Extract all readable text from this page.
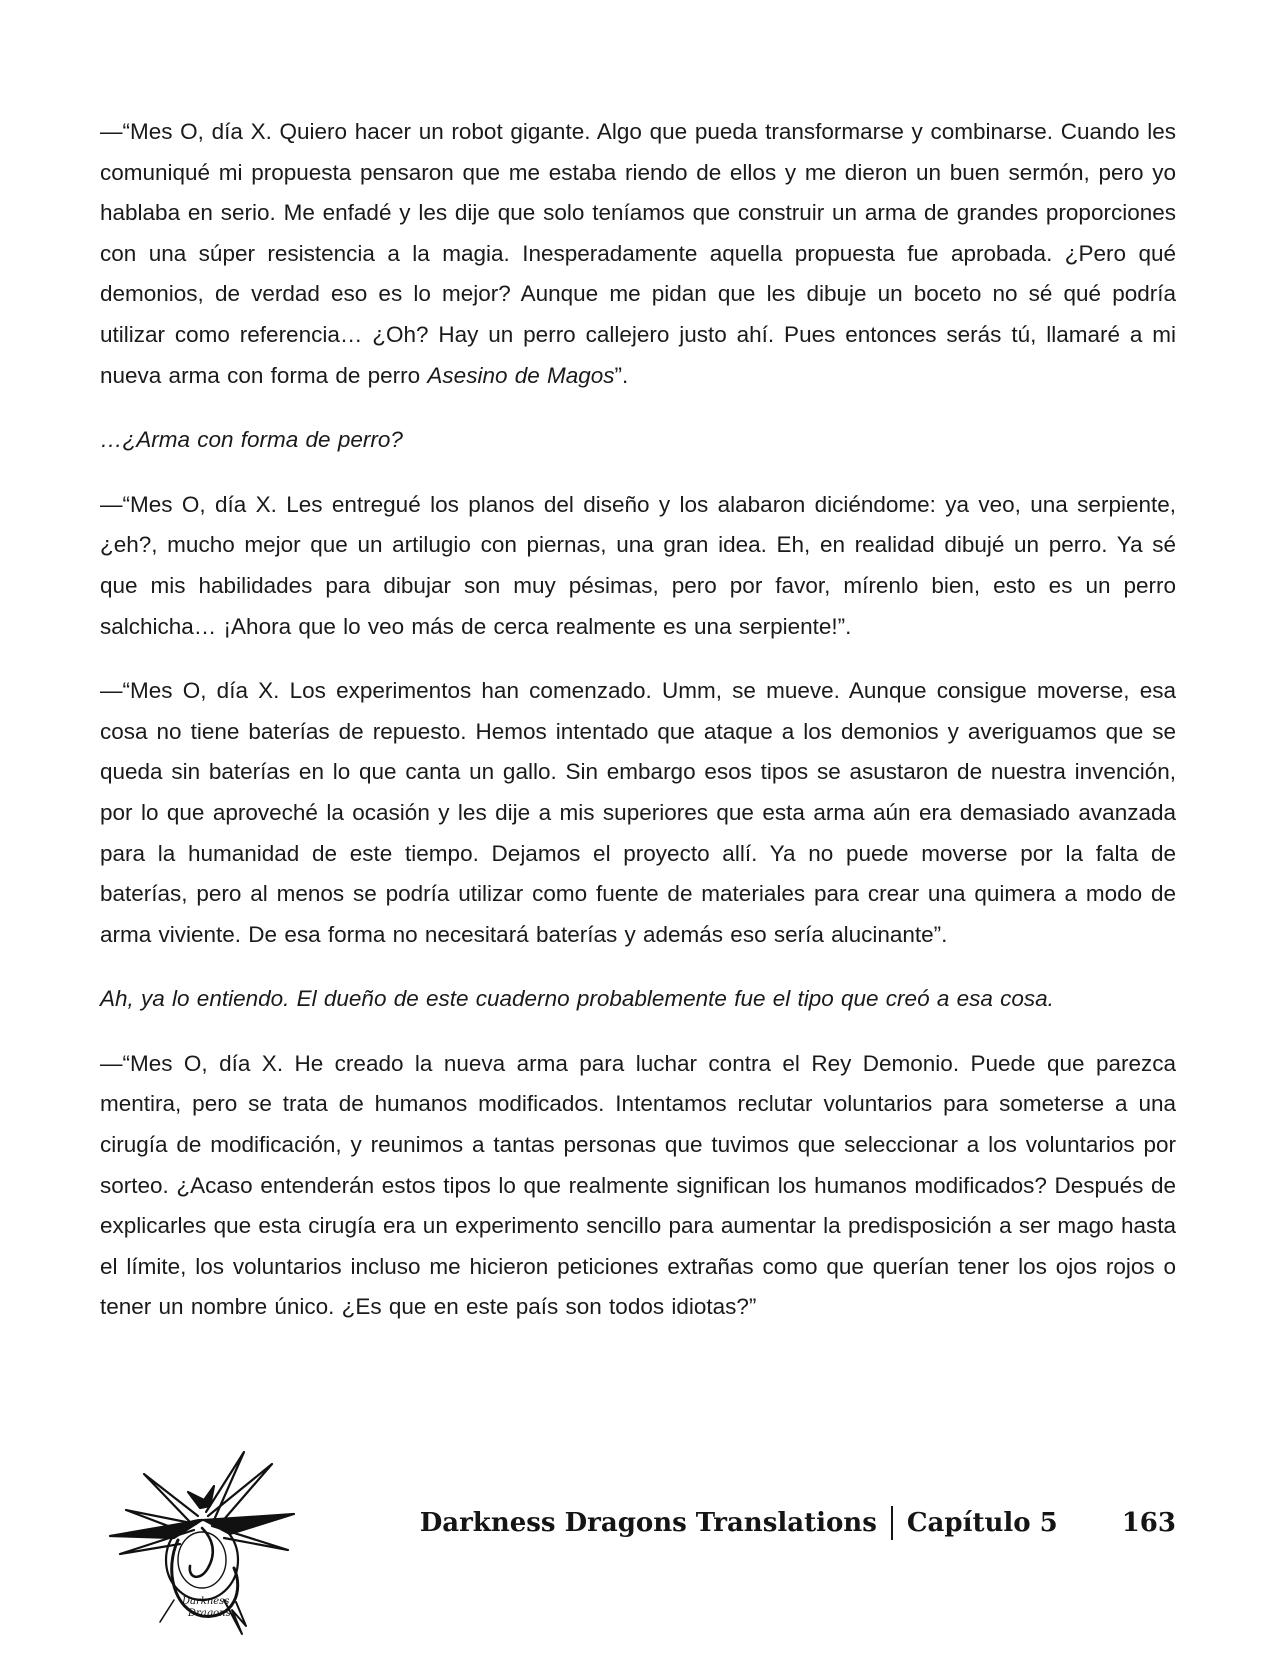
—“Mes O, día X. Quiero hacer un robot gigante. Algo que pueda transformarse y combinarse. Cuando les comuniqué mi propuesta pensaron que me estaba riendo de ellos y me dieron un buen sermón, pero yo hablaba en serio. Me enfadé y les dije que solo teníamos que construir un arma de grandes proporciones con una súper resistencia a la magia. Inesperadamente aquella propuesta fue aprobada. ¿Pero qué demonios, de verdad eso es lo mejor? Aunque me pidan que les dibuje un boceto no sé qué podría utilizar como referencia… ¿Oh? Hay un perro callejero justo ahí. Pues entonces serás tú, llamaré a mi nueva arma con forma de perro Asesino de Magos”.

…¿Arma con forma de perro?

—“Mes O, día X. Les entregué los planos del diseño y los alabaron diciéndome: ya veo, una serpiente, ¿eh?, mucho mejor que un artilugio con piernas, una gran idea. Eh, en realidad dibujé un perro. Ya sé que mis habilidades para dibujar son muy pésimas, pero por favor, mírenlo bien, esto es un perro salchicha… ¡Ahora que lo veo más de cerca realmente es una serpiente!”.

—“Mes O, día X. Los experimentos han comenzado. Umm, se mueve. Aunque consigue moverse, esa cosa no tiene baterías de repuesto. Hemos intentado que ataque a los demonios y averiguamos que se queda sin baterías en lo que canta un gallo. Sin embargo esos tipos se asustaron de nuestra invención, por lo que aproveché la ocasión y les dije a mis superiores que esta arma aún era demasiado avanzada para la humanidad de este tiempo. Dejamos el proyecto allí. Ya no puede moverse por la falta de baterías, pero al menos se podría utilizar como fuente de materiales para crear una quimera a modo de arma viviente. De esa forma no necesitará baterías y además eso sería alucinante”.

Ah, ya lo entiendo. El dueño de este cuaderno probablemente fue el tipo que creó a esa cosa.

—“Mes O, día X. He creado la nueva arma para luchar contra el Rey Demonio. Puede que parezca mentira, pero se trata de humanos modificados. Intentamos reclutar voluntarios para someterse a una cirugía de modificación, y reunimos a tantas personas que tuvimos que seleccionar a los voluntarios por sorteo. ¿Acaso entenderán estos tipos lo que realmente significan los humanos modificados? Después de explicarles que esta cirugía era un experimento sencillo para aumentar la predisposición a ser mago hasta el límite, los voluntarios incluso me hicieron peticiones extrañas como que querían tener los ojos rojos o tener un nombre único. ¿Es que en este país son todos idiotas?”

Darkness
Dragons
Darkness Dragons Translations Capítulo 5 163
